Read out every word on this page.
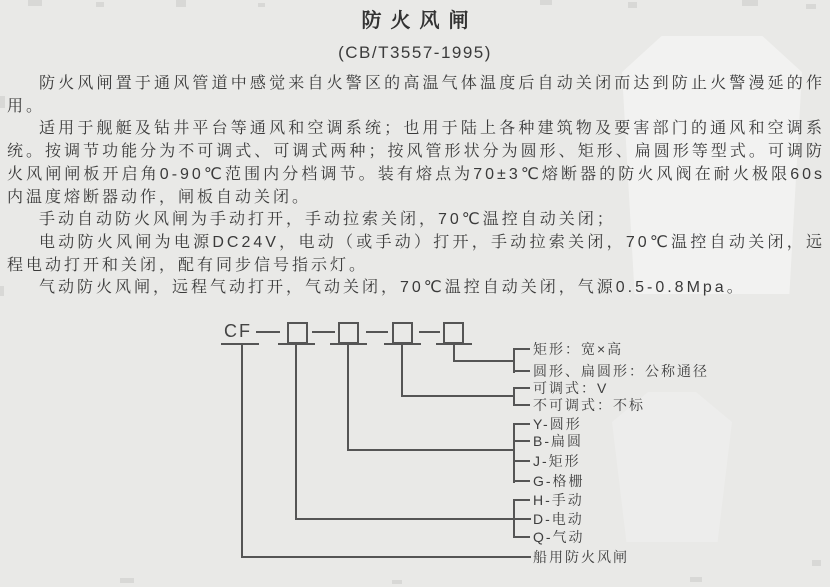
防火风闸
(CB/T3557-1995)

防火风闸置于通风管道中感觉来自火警区的高温气体温度后自动关闭而达到防止火警漫延的作用。

适用于舰艇及钻井平台等通风和空调系统；也用于陆上各种建筑物及要害部门的通风和空调系统。按调节功能分为不可调式、可调式两种；按风管形状分为圆形、矩形、扁圆形等型式。可调防火风闸闸板开启角0-90℃范围内分档调节。装有熔点为70±3℃熔断器的防火风阀在耐火极限60s内温度熔断器动作，闸板自动关闭。

手动自动防火风闸为手动打开，手动拉索关闭，70℃温控自动关闭；

电动防火风闸为电源DC24V，电动（或手动）打开，手动拉索关闭，70℃温控自动关闭，远程电动打开和关闭，配有同步信号指示灯。

气动防火风闸，远程气动打开，气动关闭，70℃温控自动关闭，气源0.5-0.8Mpa。

CF
矩形：宽×高
圆形、扁圆形：公称通径
可调式：V
不可调式：不标
Y-圆形
B-扁圆
J-矩形
G-格栅
H-手动
D-电动
Q-气动
船用防火风闸
